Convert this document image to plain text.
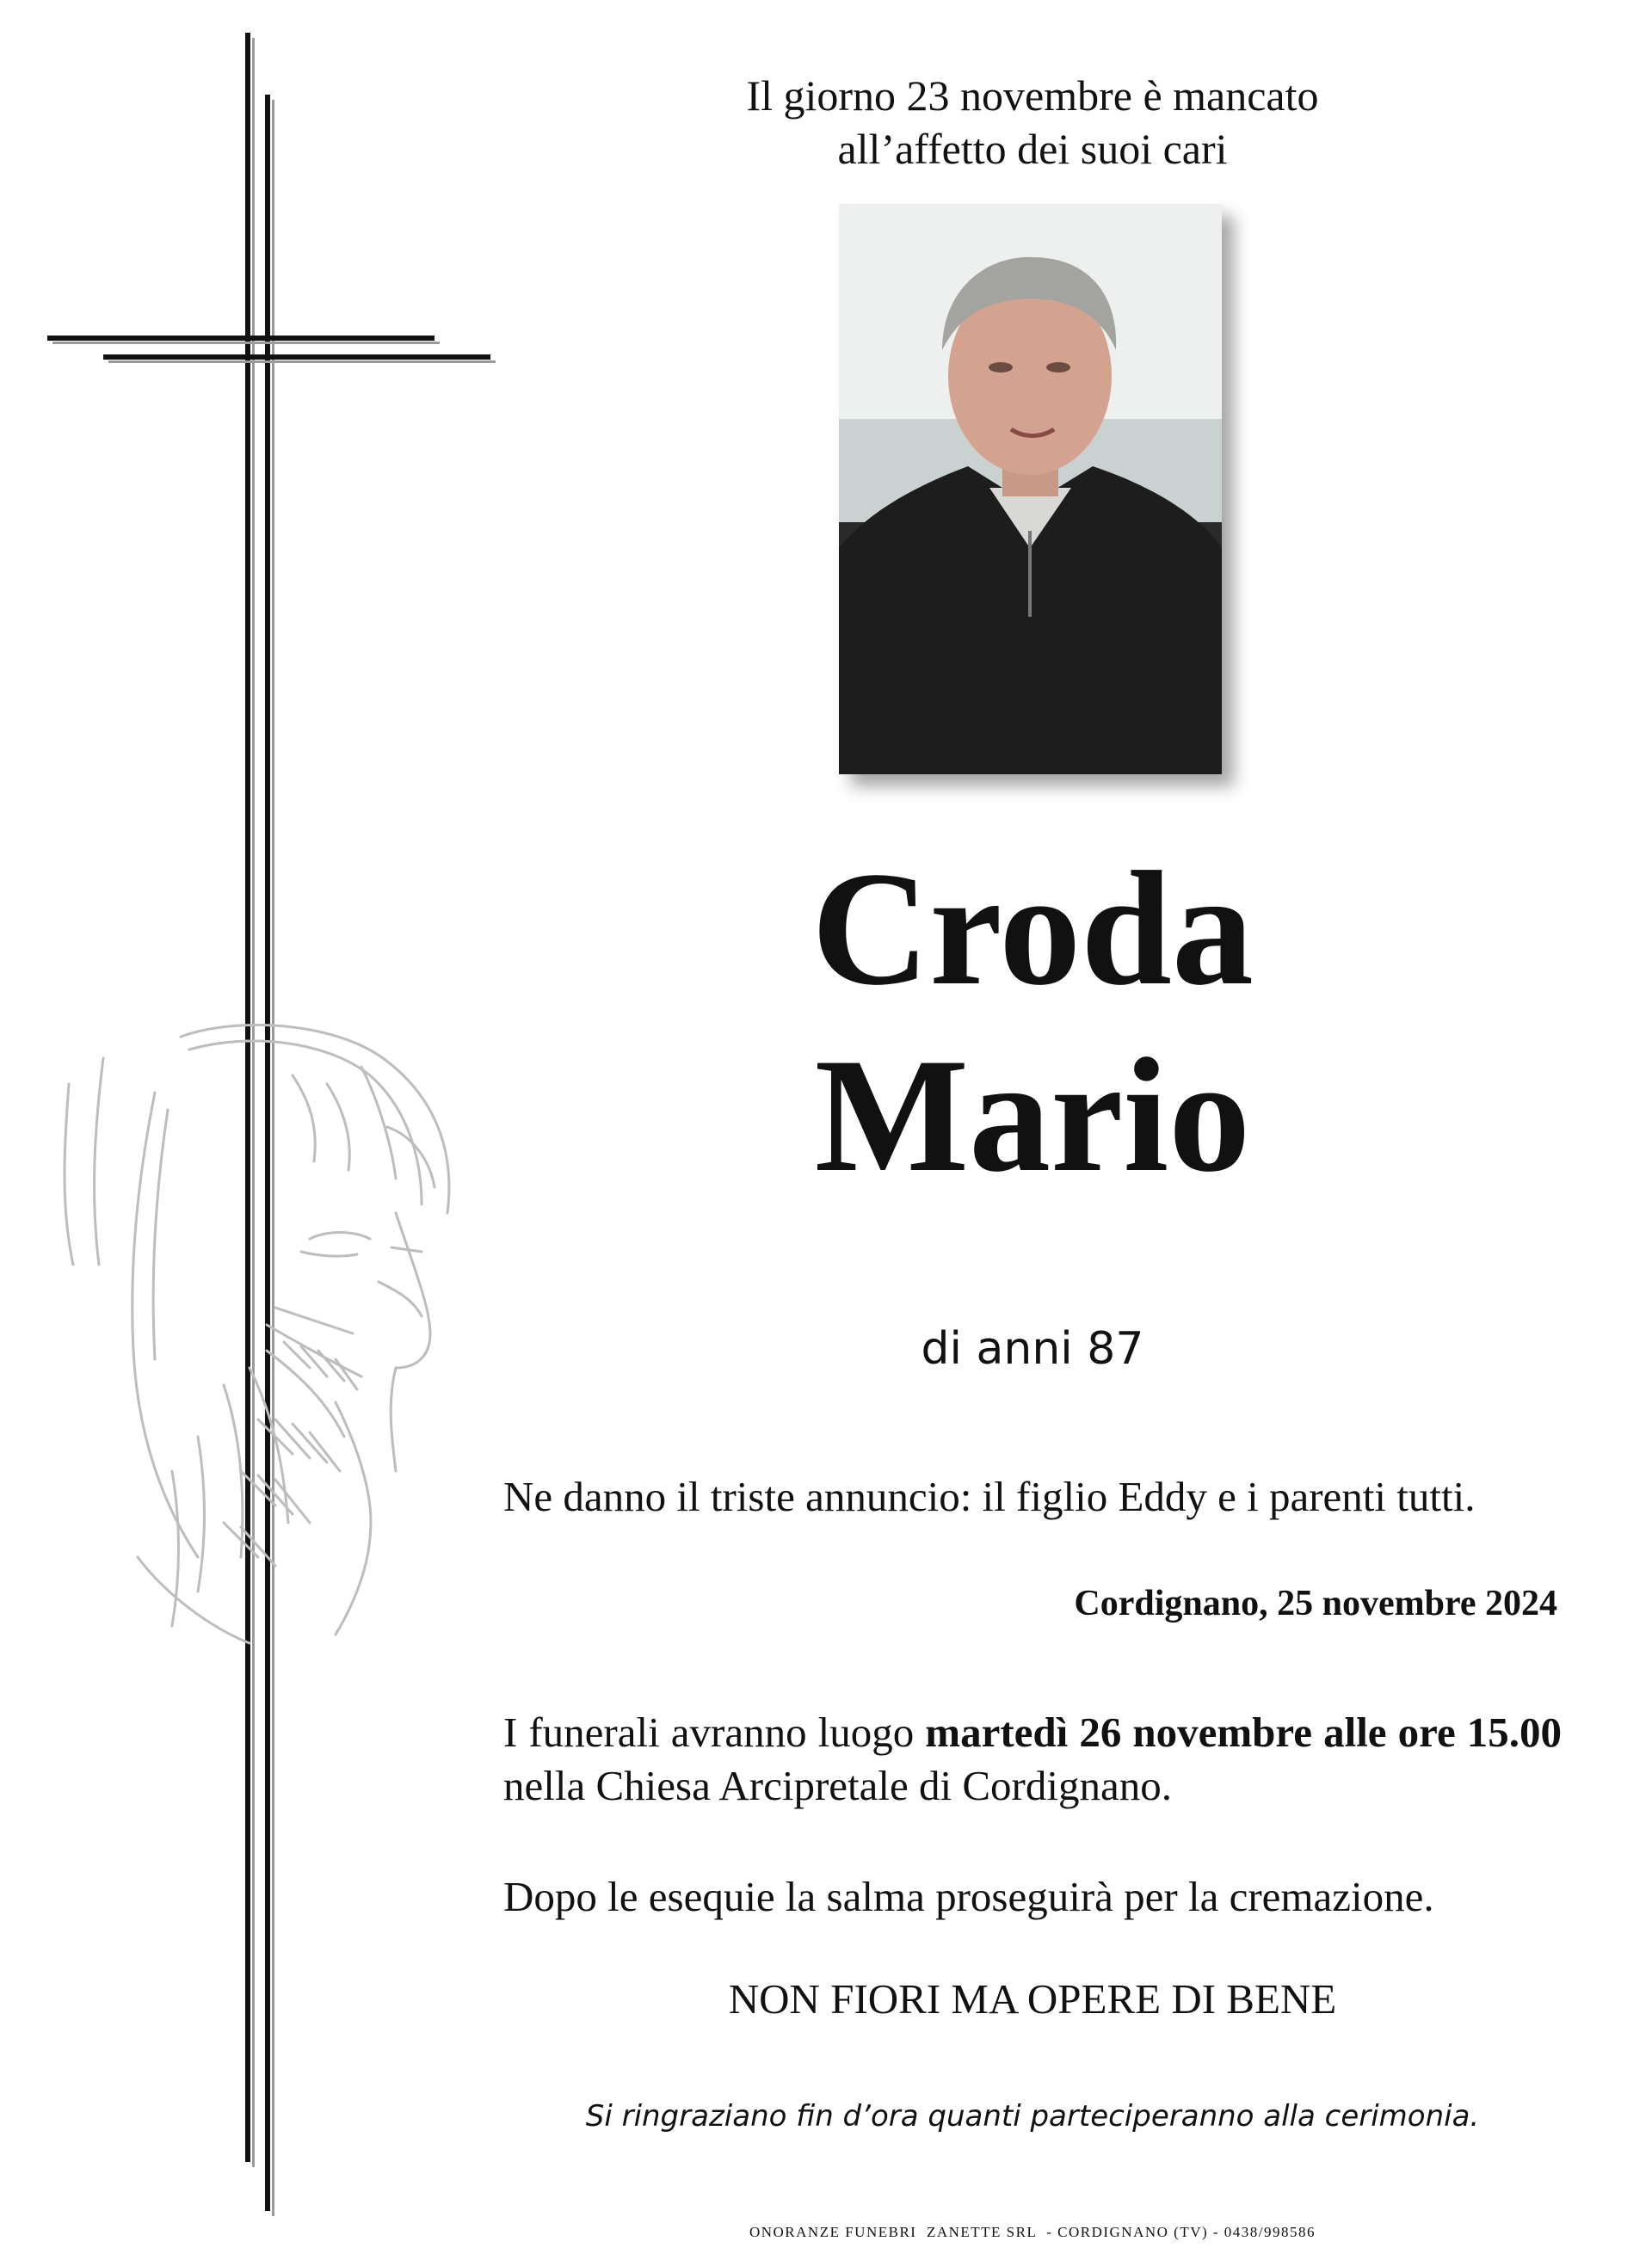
Il giorno 23 novembre è mancato
all’affetto dei suoi cari
Croda
Mario
di anni 87
Ne danno il triste annuncio: il figlio Eddy e i parenti tutti.
Cordignano, 25 novembre 2024
I funerali avranno luogo martedì 26 novembre alle ore 15.00 nella Chiesa Arcipretale di Cordignano.
Dopo le esequie la salma proseguirà per la cremazione.
NON FIORI MA OPERE DI BENE
Si ringraziano fin d’ora quanti parteciperanno alla cerimonia.
ONORANZE FUNEBRI  ZANETTE SRL  - CORDIGNANO (TV) - 0438/998586
